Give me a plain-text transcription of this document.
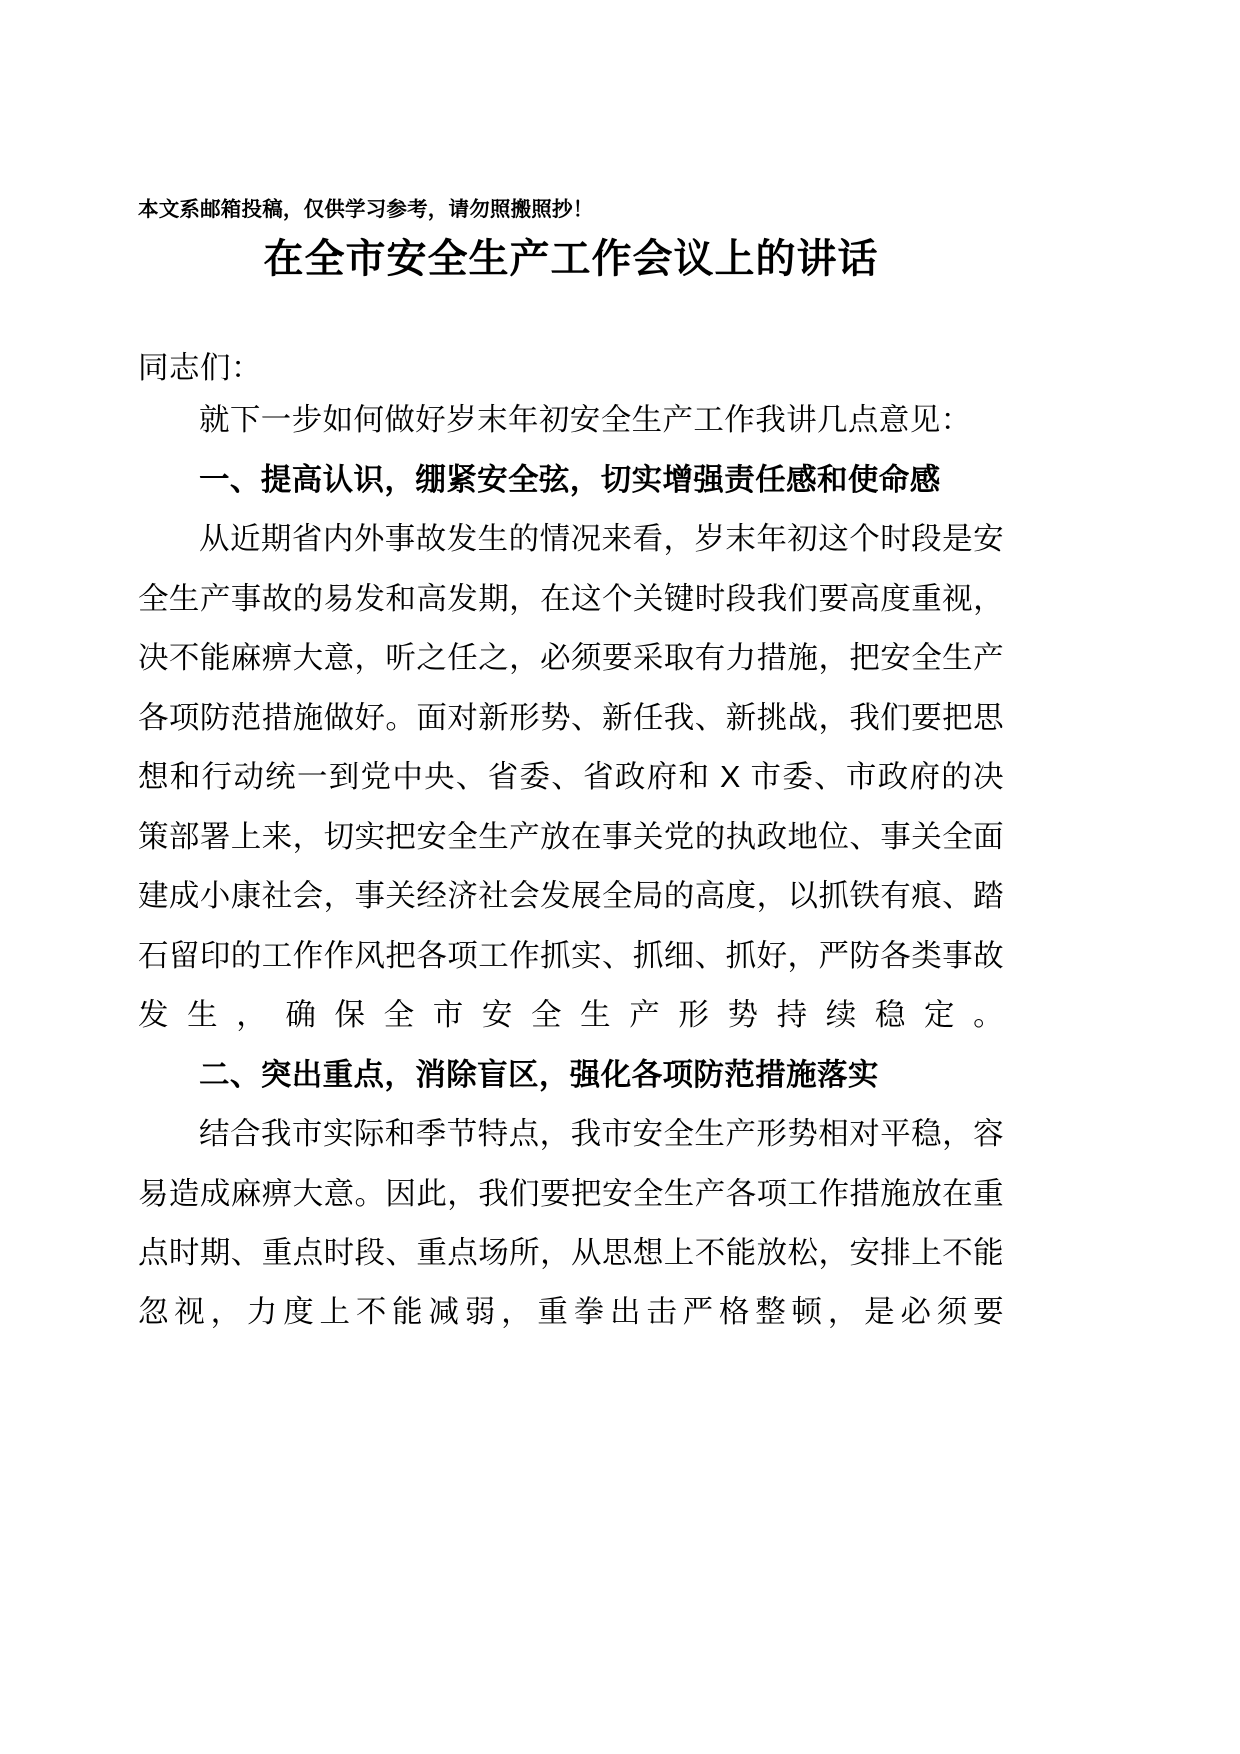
本文系邮箱投稿，仅供学习参考，请勿照搬照抄！

在全市安全生产工作会议上的讲话

同志们：

就下一步如何做好岁末年初安全生产工作我讲几点意见：

一、提高认识，绷紧安全弦，切实增强责任感和使命感

从近期省内外事故发生的情况来看，岁末年初这个时段是安全生产事故的易发和高发期，在这个关键时段我们要高度重视，决不能麻痹大意，听之任之，必须要采取有力措施，把安全生产各项防范措施做好。面对新形势、新任我、新挑战，我们要把思想和行动统一到党中央、省委、省政府和 X 市委、市政府的决策部署上来，切实把安全生产放在事关党的执政地位、事关全面建成小康社会，事关经济社会发展全局的高度，以抓铁有痕、踏石留印的工作作风把各项工作抓实、抓细、抓好，严防各类事故发生，确保全市安全生产形势持续稳定。

二、突出重点，消除盲区，强化各项防范措施落实

结合我市实际和季节特点，我市安全生产形势相对平稳，容易造成麻痹大意。因此，我们要把安全生产各项工作措施放在重点时期、重点时段、重点场所，从思想上不能放松，安排上不能忽视，力度上不能减弱，重拳出击严格整顿，是必须要
